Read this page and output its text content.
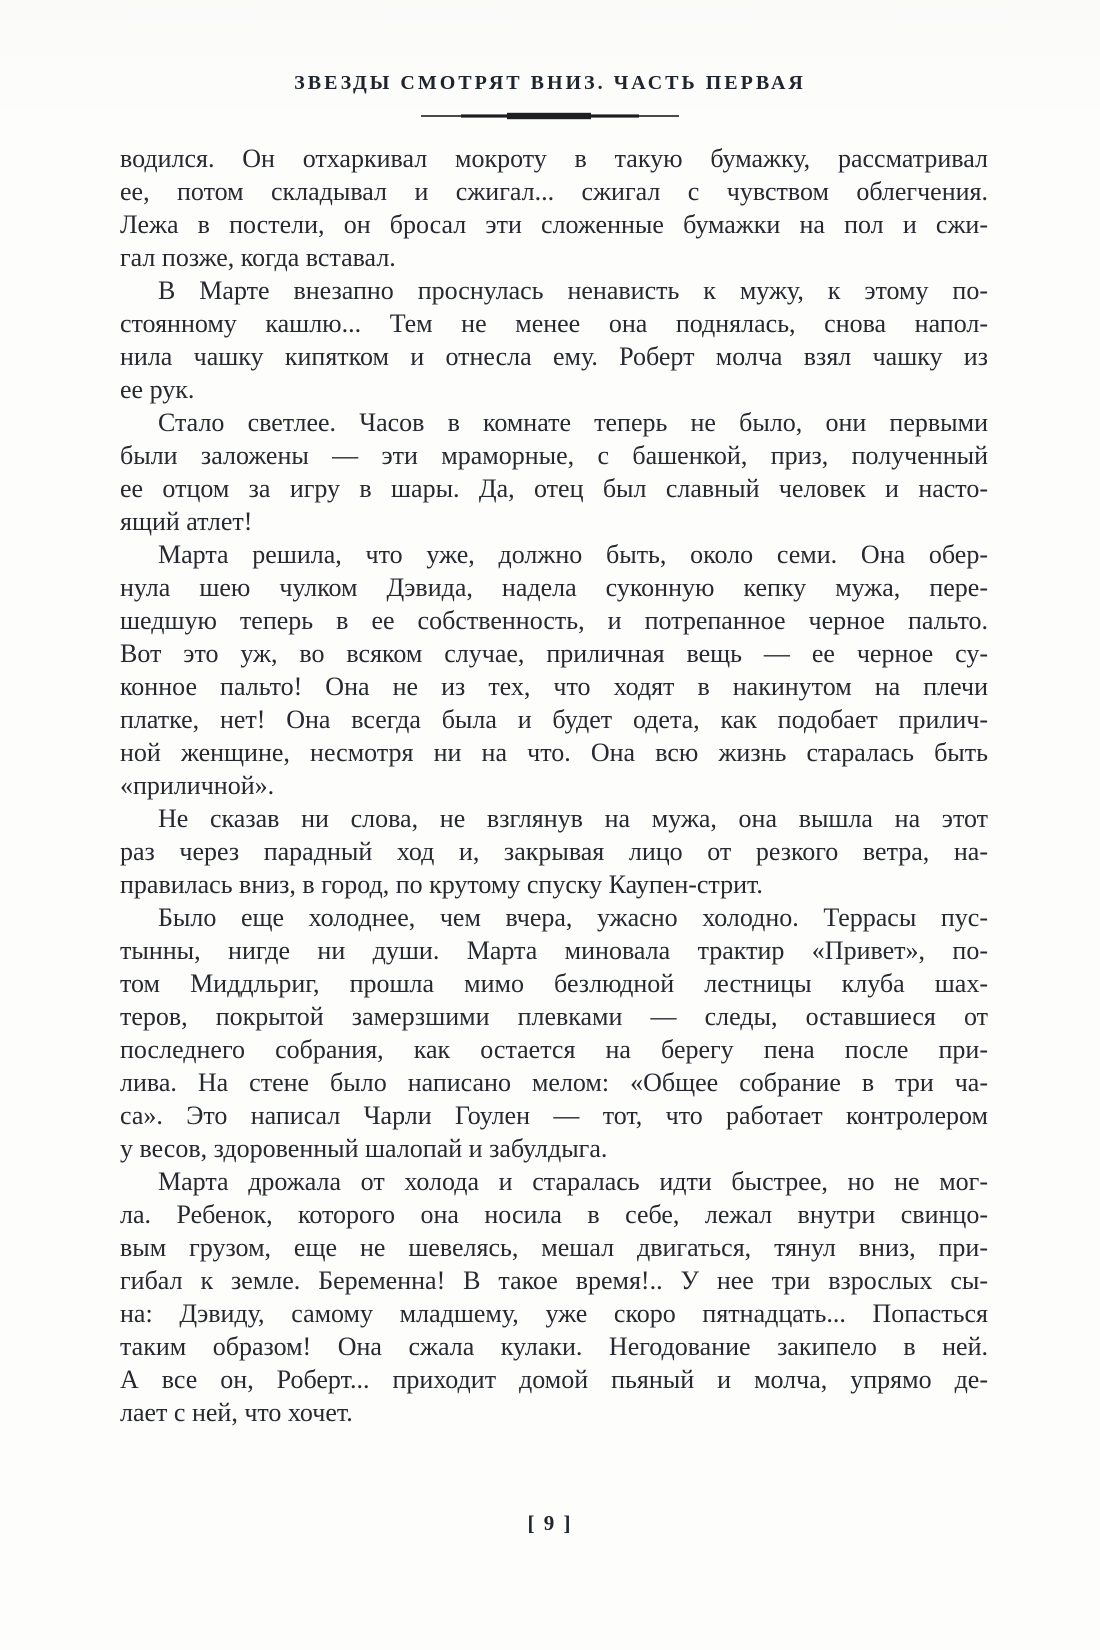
ЗВЕЗДЫ СМОТРЯТ ВНИЗ. ЧАСТЬ ПЕРВАЯ
водился. Он отхаркивал мокроту в такую бумажку, рассматривал
ее, потом складывал и сжигал... сжигал с чувством облегчения.
Лежа в постели, он бросал эти сложенные бумажки на пол и сжи-
гал позже, когда вставал.
В Марте внезапно проснулась ненависть к мужу, к этому по-
стоянному кашлю... Тем не менее она поднялась, снова напол-
нила чашку кипятком и отнесла ему. Роберт молча взял чашку из
ее рук.
Стало светлее. Часов в комнате теперь не было, они первыми
были заложены — эти мраморные, с башенкой, приз, полученный
ее отцом за игру в шары. Да, отец был славный человек и насто-
ящий атлет!
Марта решила, что уже, должно быть, около семи. Она обер-
нула шею чулком Дэвида, надела суконную кепку мужа, пере-
шедшую теперь в ее собственность, и потрепанное черное пальто.
Вот это уж, во всяком случае, приличная вещь — ее черное су-
конное пальто! Она не из тех, что ходят в накинутом на плечи
платке, нет! Она всегда была и будет одета, как подобает прилич-
ной женщине, несмотря ни на что. Она всю жизнь старалась быть
«приличной».
Не сказав ни слова, не взглянув на мужа, она вышла на этот
раз через парадный ход и, закрывая лицо от резкого ветра, на-
правилась вниз, в город, по крутому спуску Каупен-стрит.
Было еще холоднее, чем вчера, ужасно холодно. Террасы пус-
тынны, нигде ни души. Марта миновала трактир «Привет», по-
том Миддльриг, прошла мимо безлюдной лестницы клуба шах-
теров, покрытой замерзшими плевками — следы, оставшиеся от
последнего собрания, как остается на берегу пена после при-
лива. На стене было написано мелом: «Общее собрание в три ча-
са». Это написал Чарли Гоулен — тот, что работает контролером
у весов, здоровенный шалопай и забулдыга.
Марта дрожала от холода и старалась идти быстрее, но не мог-
ла. Ребенок, которого она носила в себе, лежал внутри свинцо-
вым грузом, еще не шевелясь, мешал двигаться, тянул вниз, при-
гибал к земле. Беременна! В такое время!.. У нее три взрослых сы-
на: Дэвиду, самому младшему, уже скоро пятнадцать... Попасться
таким образом! Она сжала кулаки. Негодование закипело в ней.
А все он, Роберт... приходит домой пьяный и молча, упрямо де-
лает с ней, что хочет.
[ 9 ]
